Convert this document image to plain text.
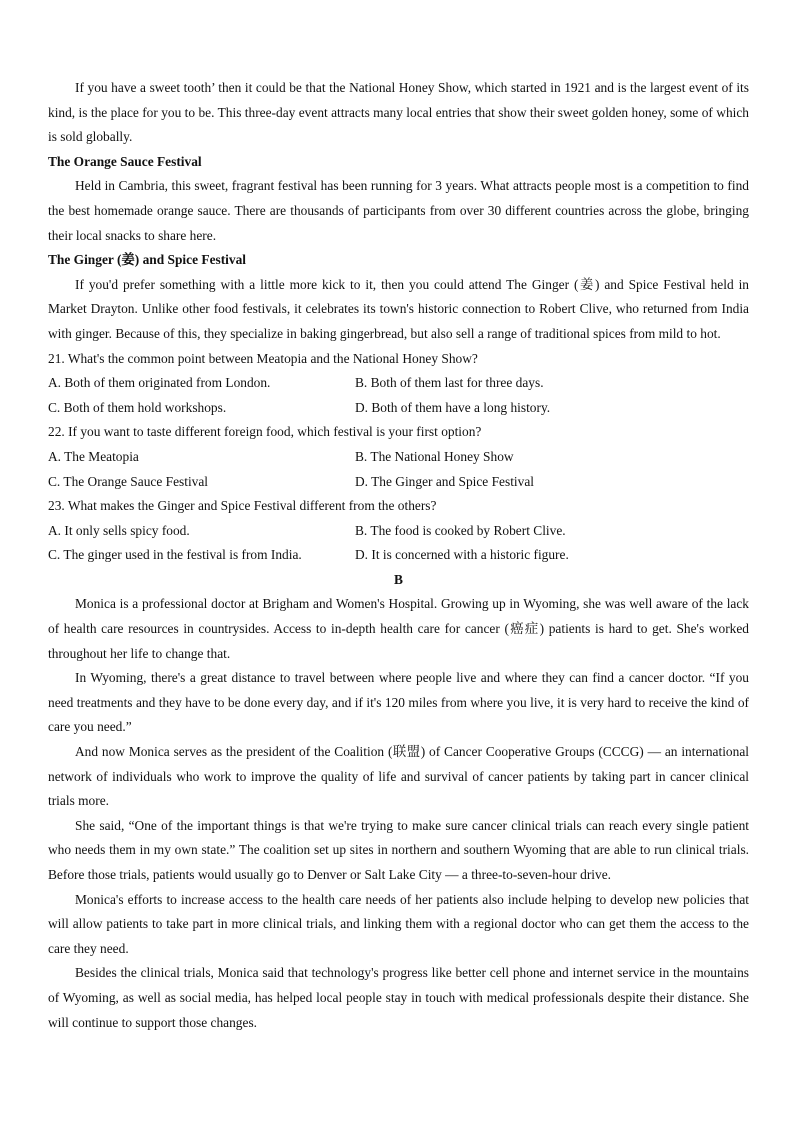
If you have a sweet tooth’ then it could be that the National Honey Show, which started in 1921 and is the largest event of its kind, is the place for you to be. This three-day event attracts many local entries that show their sweet golden honey, some of which is sold globally.

The Orange Sauce Festival

Held in Cambria, this sweet, fragrant festival has been running for 3 years. What attracts people most is a competition to find the best homemade orange sauce. There are thousands of participants from over 30 different countries across the globe, bringing their local snacks to share here.

The Ginger (姜) and Spice Festival

If you'd prefer something with a little more kick to it, then you could attend The Ginger (姜) and Spice Festival held in Market Drayton. Unlike other food festivals, it celebrates its town's historic connection to Robert Clive, who returned from India with ginger. Because of this, they specialize in baking gingerbread, but also sell a range of traditional spices from mild to hot.

21. What's the common point between Meatopia and the National Honey Show?

A. Both of them originated from London.	B. Both of them last for three days.
C. Both of them hold workshops.	D. Both of them have a long history.

22. If you want to taste different foreign food, which festival is your first option?

A. The Meatopia	B. The National Honey Show
C. The Orange Sauce Festival	D. The Ginger and Spice Festival

23. What makes the Ginger and Spice Festival different from the others?

A. It only sells spicy food.	B. The food is cooked by Robert Clive.
C. The ginger used in the festival is from India.	D. It is concerned with a historic figure.

B

Monica is a professional doctor at Brigham and Women's Hospital. Growing up in Wyoming, she was well aware of the lack of health care resources in countrysides. Access to in-depth health care for cancer (癌症) patients is hard to get. She's worked throughout her life to change that.

In Wyoming, there's a great distance to travel between where people live and where they can find a cancer doctor. “If you need treatments and they have to be done every day, and if it's 120 miles from where you live, it is very hard to receive the kind of care you need.”

And now Monica serves as the president of the Coalition (联盟) of Cancer Cooperative Groups (CCCG) — an international network of individuals who work to improve the quality of life and survival of cancer patients by taking part in cancer clinical trials more.

She said, “One of the important things is that we're trying to make sure cancer clinical trials can reach every single patient who needs them in my own state.” The coalition set up sites in northern and southern Wyoming that are able to run clinical trials. Before those trials, patients would usually go to Denver or Salt Lake City — a three-to-seven-hour drive.

Monica's efforts to increase access to the health care needs of her patients also include helping to develop new policies that will allow patients to take part in more clinical trials, and linking them with a regional doctor who can get them the access to the care they need.

Besides the clinical trials, Monica said that technology's progress like better cell phone and internet service in the mountains of Wyoming, as well as social media, has helped local people stay in touch with medical professionals despite their distance. She will continue to support those changes.
